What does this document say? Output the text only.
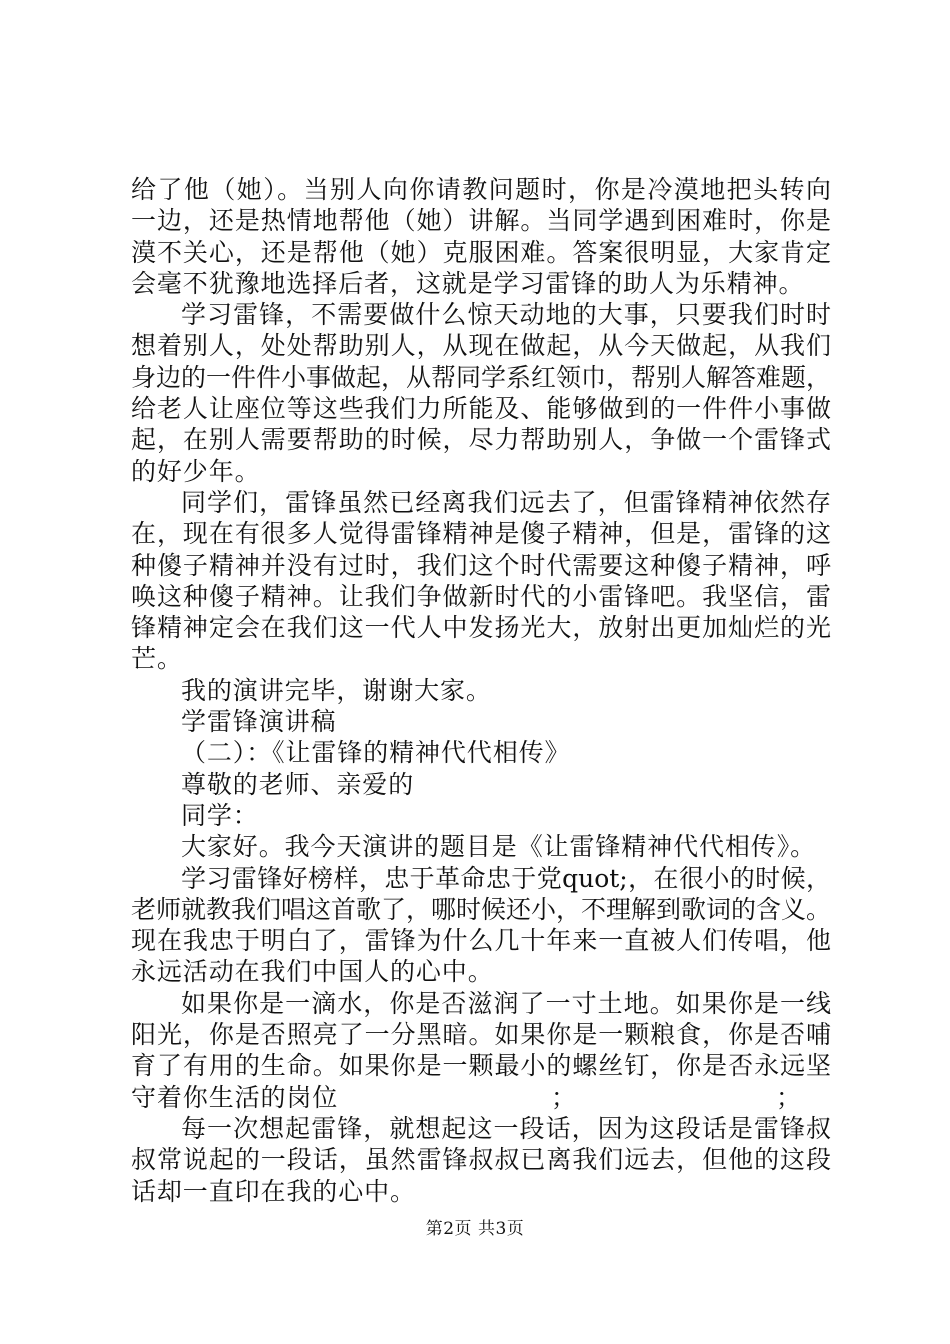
给了他（她）。当别人向你请教问题时，你是冷漠地把头转向
一边，还是热情地帮他（她）讲解。当同学遇到困难时，你是
漠不关心，还是帮他（她）克服困难。答案很明显，大家肯定
会毫不犹豫地选择后者，这就是学习雷锋的助人为乐精神。
学习雷锋，不需要做什么惊天动地的大事，只要我们时时
想着别人，处处帮助别人，从现在做起，从今天做起，从我们
身边的一件件小事做起，从帮同学系红领巾，帮别人解答难题，
给老人让座位等这些我们力所能及、能够做到的一件件小事做
起，在别人需要帮助的时候，尽力帮助别人，争做一个雷锋式
的好少年。
同学们，雷锋虽然已经离我们远去了，但雷锋精神依然存
在，现在有很多人觉得雷锋精神是傻子精神，但是，雷锋的这
种傻子精神并没有过时，我们这个时代需要这种傻子精神，呼
唤这种傻子精神。让我们争做新时代的小雷锋吧。我坚信，雷
锋精神定会在我们这一代人中发扬光大，放射出更加灿烂的光
芒。
我的演讲完毕，谢谢大家。
学雷锋演讲稿
（二）：《让雷锋的精神代代相传》
尊敬的老师、亲爱的
同学：
大家好。我今天演讲的题目是《让雷锋精神代代相传》。
学习雷锋好榜样，忠于革命忠于党quot;，在很小的时候，
老师就教我们唱这首歌了，哪时候还小，不理解到歌词的含义。
现在我忠于明白了，雷锋为什么几十年来一直被人们传唱，他
永远活动在我们中国人的心中。
如果你是一滴水，你是否滋润了一寸土地。如果你是一线
阳光，你是否照亮了一分黑暗。如果你是一颗粮食，你是否哺
育了有用的生命。如果你是一颗最小的螺丝钉，你是否永远坚
守着你生活的岗位	；	；
每一次想起雷锋，就想起这一段话，因为这段话是雷锋叔
叔常说起的一段话，虽然雷锋叔叔已离我们远去，但他的这段
话却一直印在我的心中。
第2页 共3页
